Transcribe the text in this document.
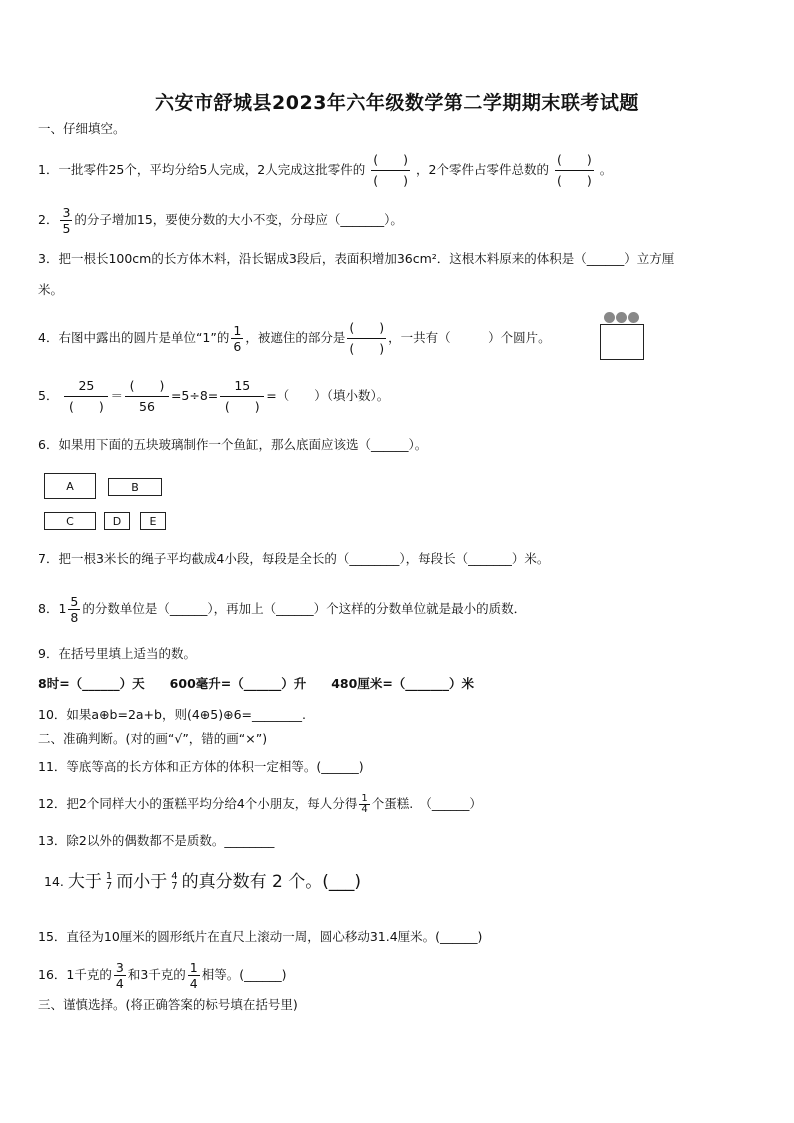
六安市舒城县2023年六年级数学第二学期期末联考试题
一、仔细填空。
1．一批零件25个，平均分给5人完成，2人完成这批零件的
(　　)
(　　)
，2个零件占零件总数的
(　　)
(　　)
。
2． $\frac{3}{5}$ 的分子增加15，要使分数的大小不变，分母应（_______）。
3．把一根长100cm的长方体木料，沿长锯成3段后，表面积增加36cm²．这根木料原来的体积是（______）立方厘
米。
4．右图中露出的圆片是单位“1”的 $\frac{1}{6}$ ，被遮住的部分是
(　　)
(　　)
，一共有（　　　）个圆片。
5．
25
(　　)
＝
(　　)
56
=5÷8=
15
(　　)
=（　　）（填小数）。
6．如果用下面的五块玻璃制作一个鱼缸，那么底面应该选（______）。
A	B
C	D	E
7．把一根3米长的绳子平均截成4小段，每段是全长的（________），每段长（_______）米。
8．$1 \frac{5}{8}$ 的分数单位是（______），再加上（______）个这样的分数单位就是最小的质数．
9．在括号里填上适当的数。
8时=（______）天　　600毫升=（______）升　　480厘米=（_______）米
10．如果a⊕b=2a+b，则(4⊕5)⊕6=________.
二、准确判断。(对的画“√”，错的画“×”)
11．等底等高的长方体和正方体的体积一定相等。(______)
12．把2个同样大小的蛋糕平均分给4个小朋友，每人分得 $\frac{1}{4}$ 个蛋糕.　（______）
13．除2以外的偶数都不是质数。________
14. 大于 1
7 而小于 4
7 的真分数有 2 个。(___)
15．直径为10厘米的圆形纸片在直尺上滚动一周，圆心移动31.4厘米。(______)
16．1千克的 $\frac{3}{4}$ 和3千克的 $\frac{1}{4}$ 相等。(______)
三、谨慎选择。(将正确答案的标号填在括号里)
